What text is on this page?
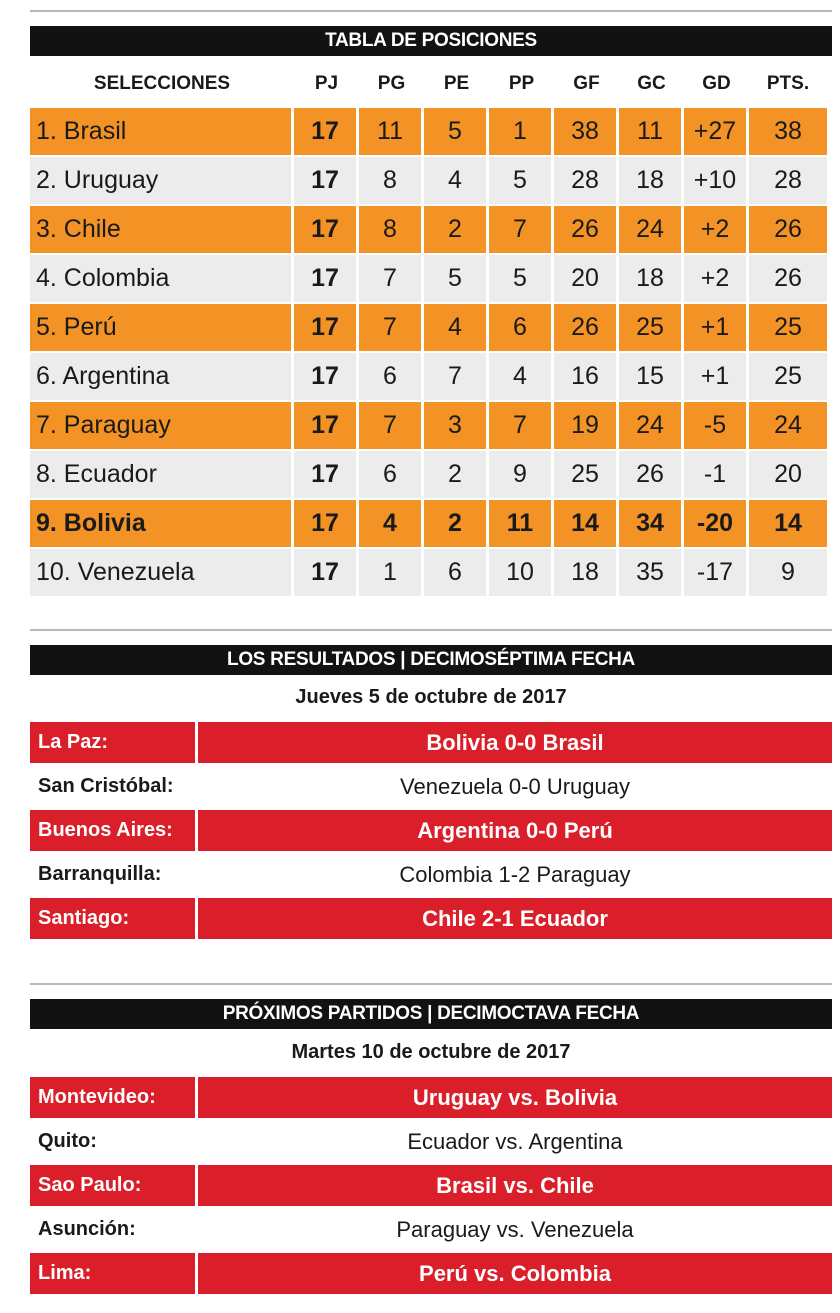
TABLA DE POSICIONES
SELECCIONES	PJ	PG	PE	PP	GF	GC	GD	PTS.
1. Brasil	17	11	5	1	38	11	+27	38
2. Uruguay	17	8	4	5	28	18	+10	28
3. Chile	17	8	2	7	26	24	+2	26
4. Colombia	17	7	5	5	20	18	+2	26
5. Perú	17	7	4	6	26	25	+1	25
6. Argentina	17	6	7	4	16	15	+1	25
7. Paraguay	17	7	3	7	19	24	-5	24
8. Ecuador	17	6	2	9	25	26	-1	20
9. Bolivia	17	4	2	11	14	34	-20	14
10. Venezuela	17	1	6	10	18	35	-17	9
LOS RESULTADOS | DECIMOSÉPTIMA FECHA
Jueves 5 de octubre de 2017
La Paz:	Bolivia 0-0 Brasil
San Cristóbal:	Venezuela 0-0 Uruguay
Buenos Aires:	Argentina 0-0 Perú
Barranquilla:	Colombia 1-2 Paraguay
Santiago:	Chile 2-1 Ecuador
PRÓXIMOS PARTIDOS | DECIMOCTAVA FECHA
Martes 10 de octubre de 2017
Montevideo:	Uruguay vs. Bolivia
Quito:	Ecuador vs. Argentina
Sao Paulo:	Brasil vs. Chile
Asunción:	Paraguay vs. Venezuela
Lima:	Perú vs. Colombia
